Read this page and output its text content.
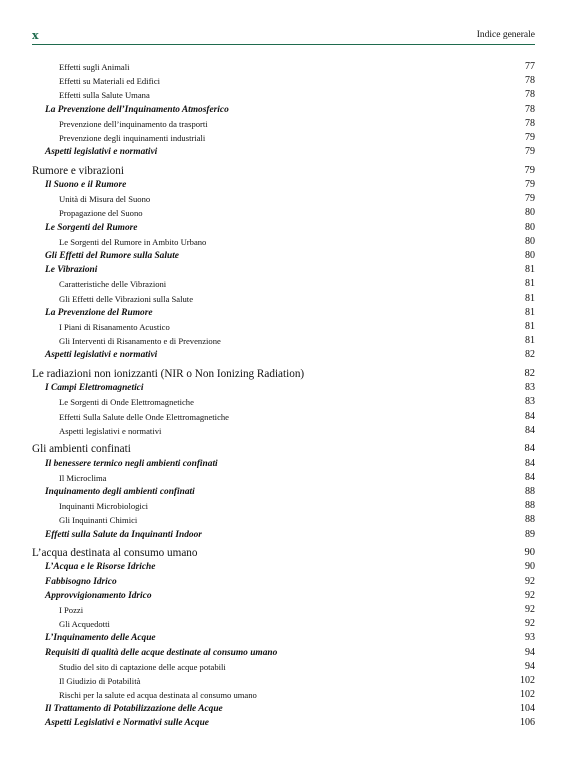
x	Indice generale
Effetti sugli Animali	77
Effetti su Materiali ed Edifici	78
Effetti sulla Salute Umana	78
La Prevenzione dell’Inquinamento Atmosferico	78
Prevenzione dell’inquinamento da trasporti	78
Prevenzione degli inquinamenti industriali	79
Aspetti legislativi e normativi	79
Rumore e vibrazioni	79
Il Suono e il Rumore	79
Unità di Misura del Suono	79
Propagazione del Suono	80
Le Sorgenti del Rumore	80
Le Sorgenti del Rumore in Ambito Urbano	80
Gli Effetti del Rumore sulla Salute	80
Le Vibrazioni	81
Caratteristiche delle Vibrazioni	81
Gli Effetti delle Vibrazioni sulla Salute	81
La Prevenzione del Rumore	81
I Piani di Risanamento Acustico	81
Gli Interventi di Risanamento e di Prevenzione	81
Aspetti legislativi e normativi	82
Le radiazioni non ionizzanti (NIR o Non Ionizing Radiation)	82
I Campi Elettromagnetici	83
Le Sorgenti di Onde Elettromagnetiche	83
Effetti Sulla Salute delle Onde Elettromagnetiche	84
Aspetti legislativi e normativi	84
Gli ambienti confinati	84
Il benessere termico negli ambienti confinati	84
Il Microclima	84
Inquinamento degli ambienti confinati	88
Inquinanti Microbiologici	88
Gli Inquinanti Chimici	88
Effetti sulla Salute da Inquinanti Indoor	89
L’acqua destinata al consumo umano	90
L’Acqua e le Risorse Idriche	90
Fabbisogno Idrico	92
Approvvigionamento Idrico	92
I Pozzi	92
Gli Acquedotti	92
L’Inquinamento delle Acque	93
Requisiti di qualità delle acque destinate al consumo umano	94
Studio del sito di captazione delle acque potabili	94
Il Giudizio di Potabilità	102
Rischi per la salute ed acqua destinata al consumo umano	102
Il Trattamento di Potabilizzazione delle Acque	104
Aspetti Legislativi e Normativi sulle Acque	106
